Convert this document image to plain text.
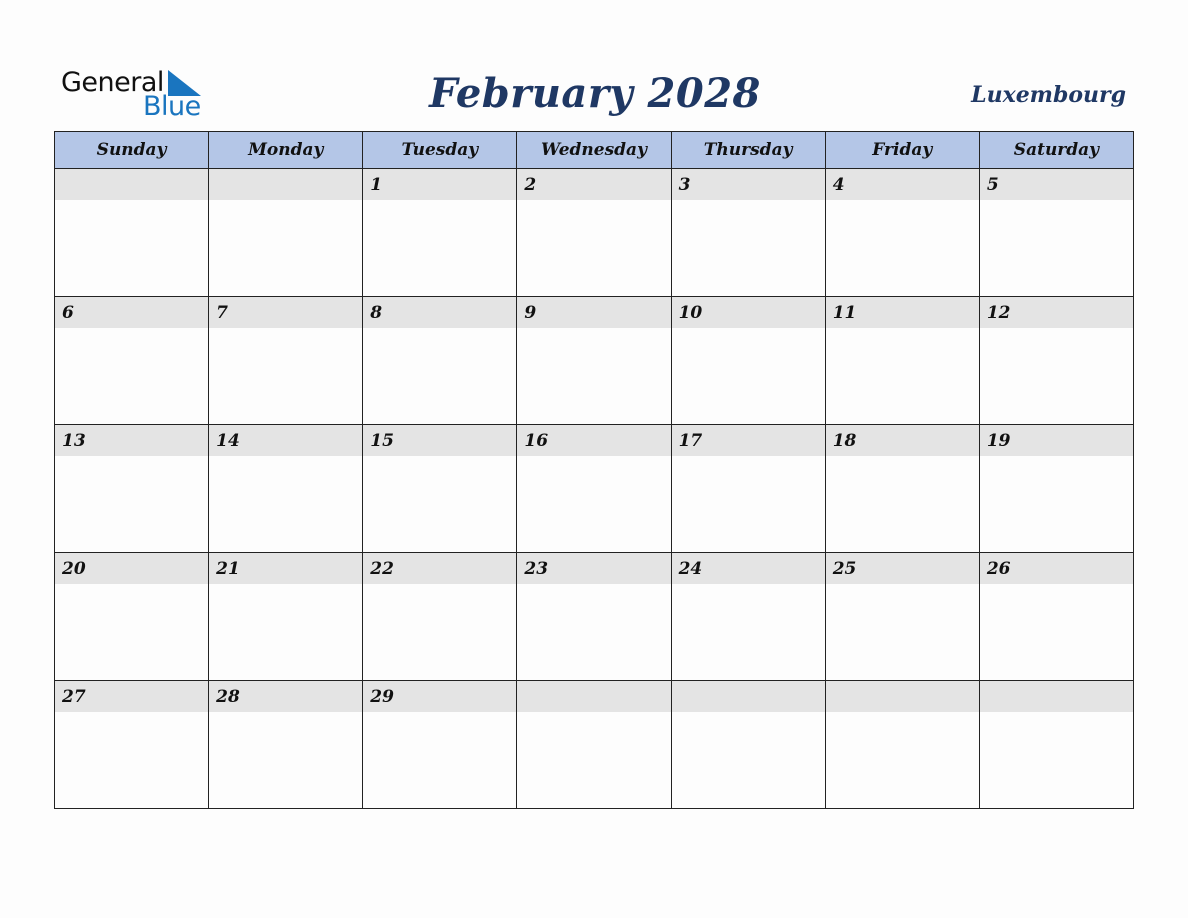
General
Blue	February 2028	Luxembourg
Sunday	Monday	Tuesday	Wednesday	Thursday	Friday	Saturday

		1	2	3	4	5

6	7	8	9	10	11	12

13	14	15	16	17	18	19

20	21	22	23	24	25	26

27	28	29				
